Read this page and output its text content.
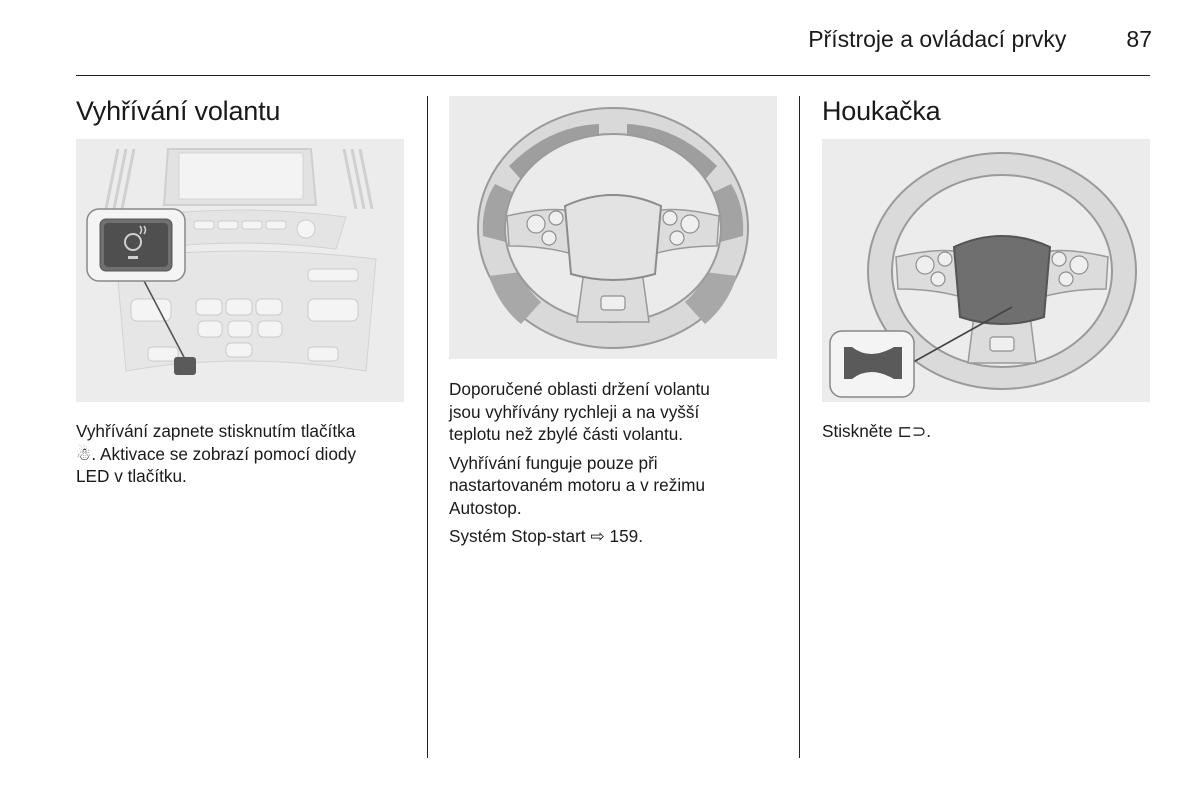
Přístroje a ovládací prvky	87
Vyhřívání volantu
Vyhřívání zapnete stisknutím tlačítka
☃. Aktivace se zobrazí pomocí diody
LED v tlačítku.

Doporučené oblasti držení volantu
jsou vyhřívány rychleji a na vyšší
teplotu než zbylé části volantu.

Vyhřívání funguje pouze při
nastartovaném motoru a v režimu
Autostop.

Systém Stop-start ⇨ 159.

Houkačka
Stiskněte ⊏⊃.
